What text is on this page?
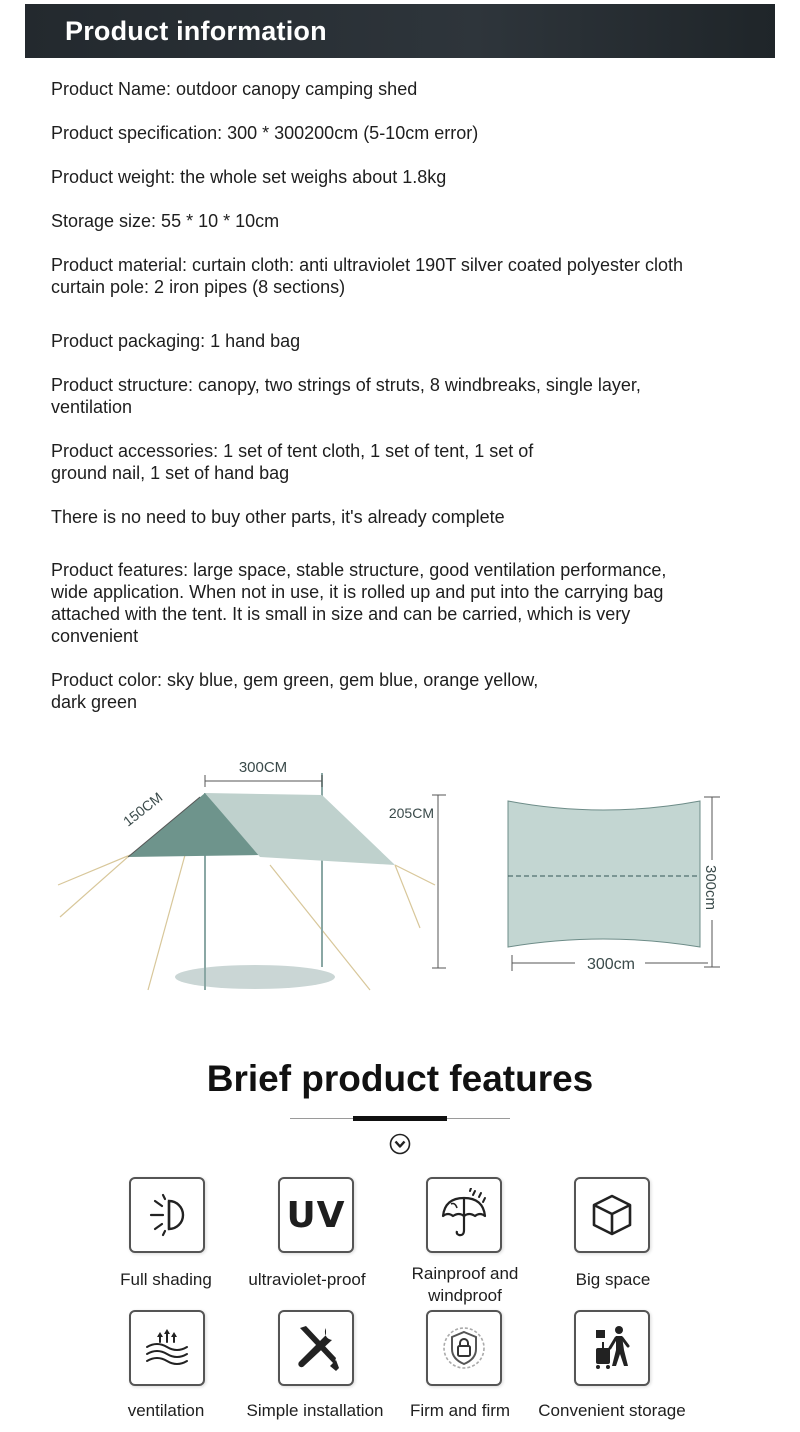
Product information
Product Name: outdoor canopy camping shed
Product specification: 300 * 300200cm (5-10cm error)
Product weight: the whole set weighs about 1.8kg
Storage size: 55 * 10 * 10cm
Product material: curtain cloth: anti ultraviolet 190T silver coated polyester cloth
curtain pole: 2 iron pipes (8 sections)
Product packaging: 1 hand bag
Product structure: canopy, two strings of struts, 8 windbreaks, single layer,
ventilation
Product accessories: 1 set of tent cloth, 1 set of tent, 1 set of
ground nail, 1 set of hand bag
There is no need to buy other parts, it's already complete
Product features: large space, stable structure, good ventilation performance,
wide application. When not in use, it is rolled up and put into the carrying bag
attached with the tent. It is small in size and can be carried, which is very
convenient
Product color: sky blue, gem green, gem blue, orange yellow,
dark green
300CM
150CM	205CM
300cm
300cm
Brief product features
UV
Full shading	ultraviolet-proof	Rainproof and
windproof
Big space
ventilation	Simple installation	Firm and firm	Convenient storage
